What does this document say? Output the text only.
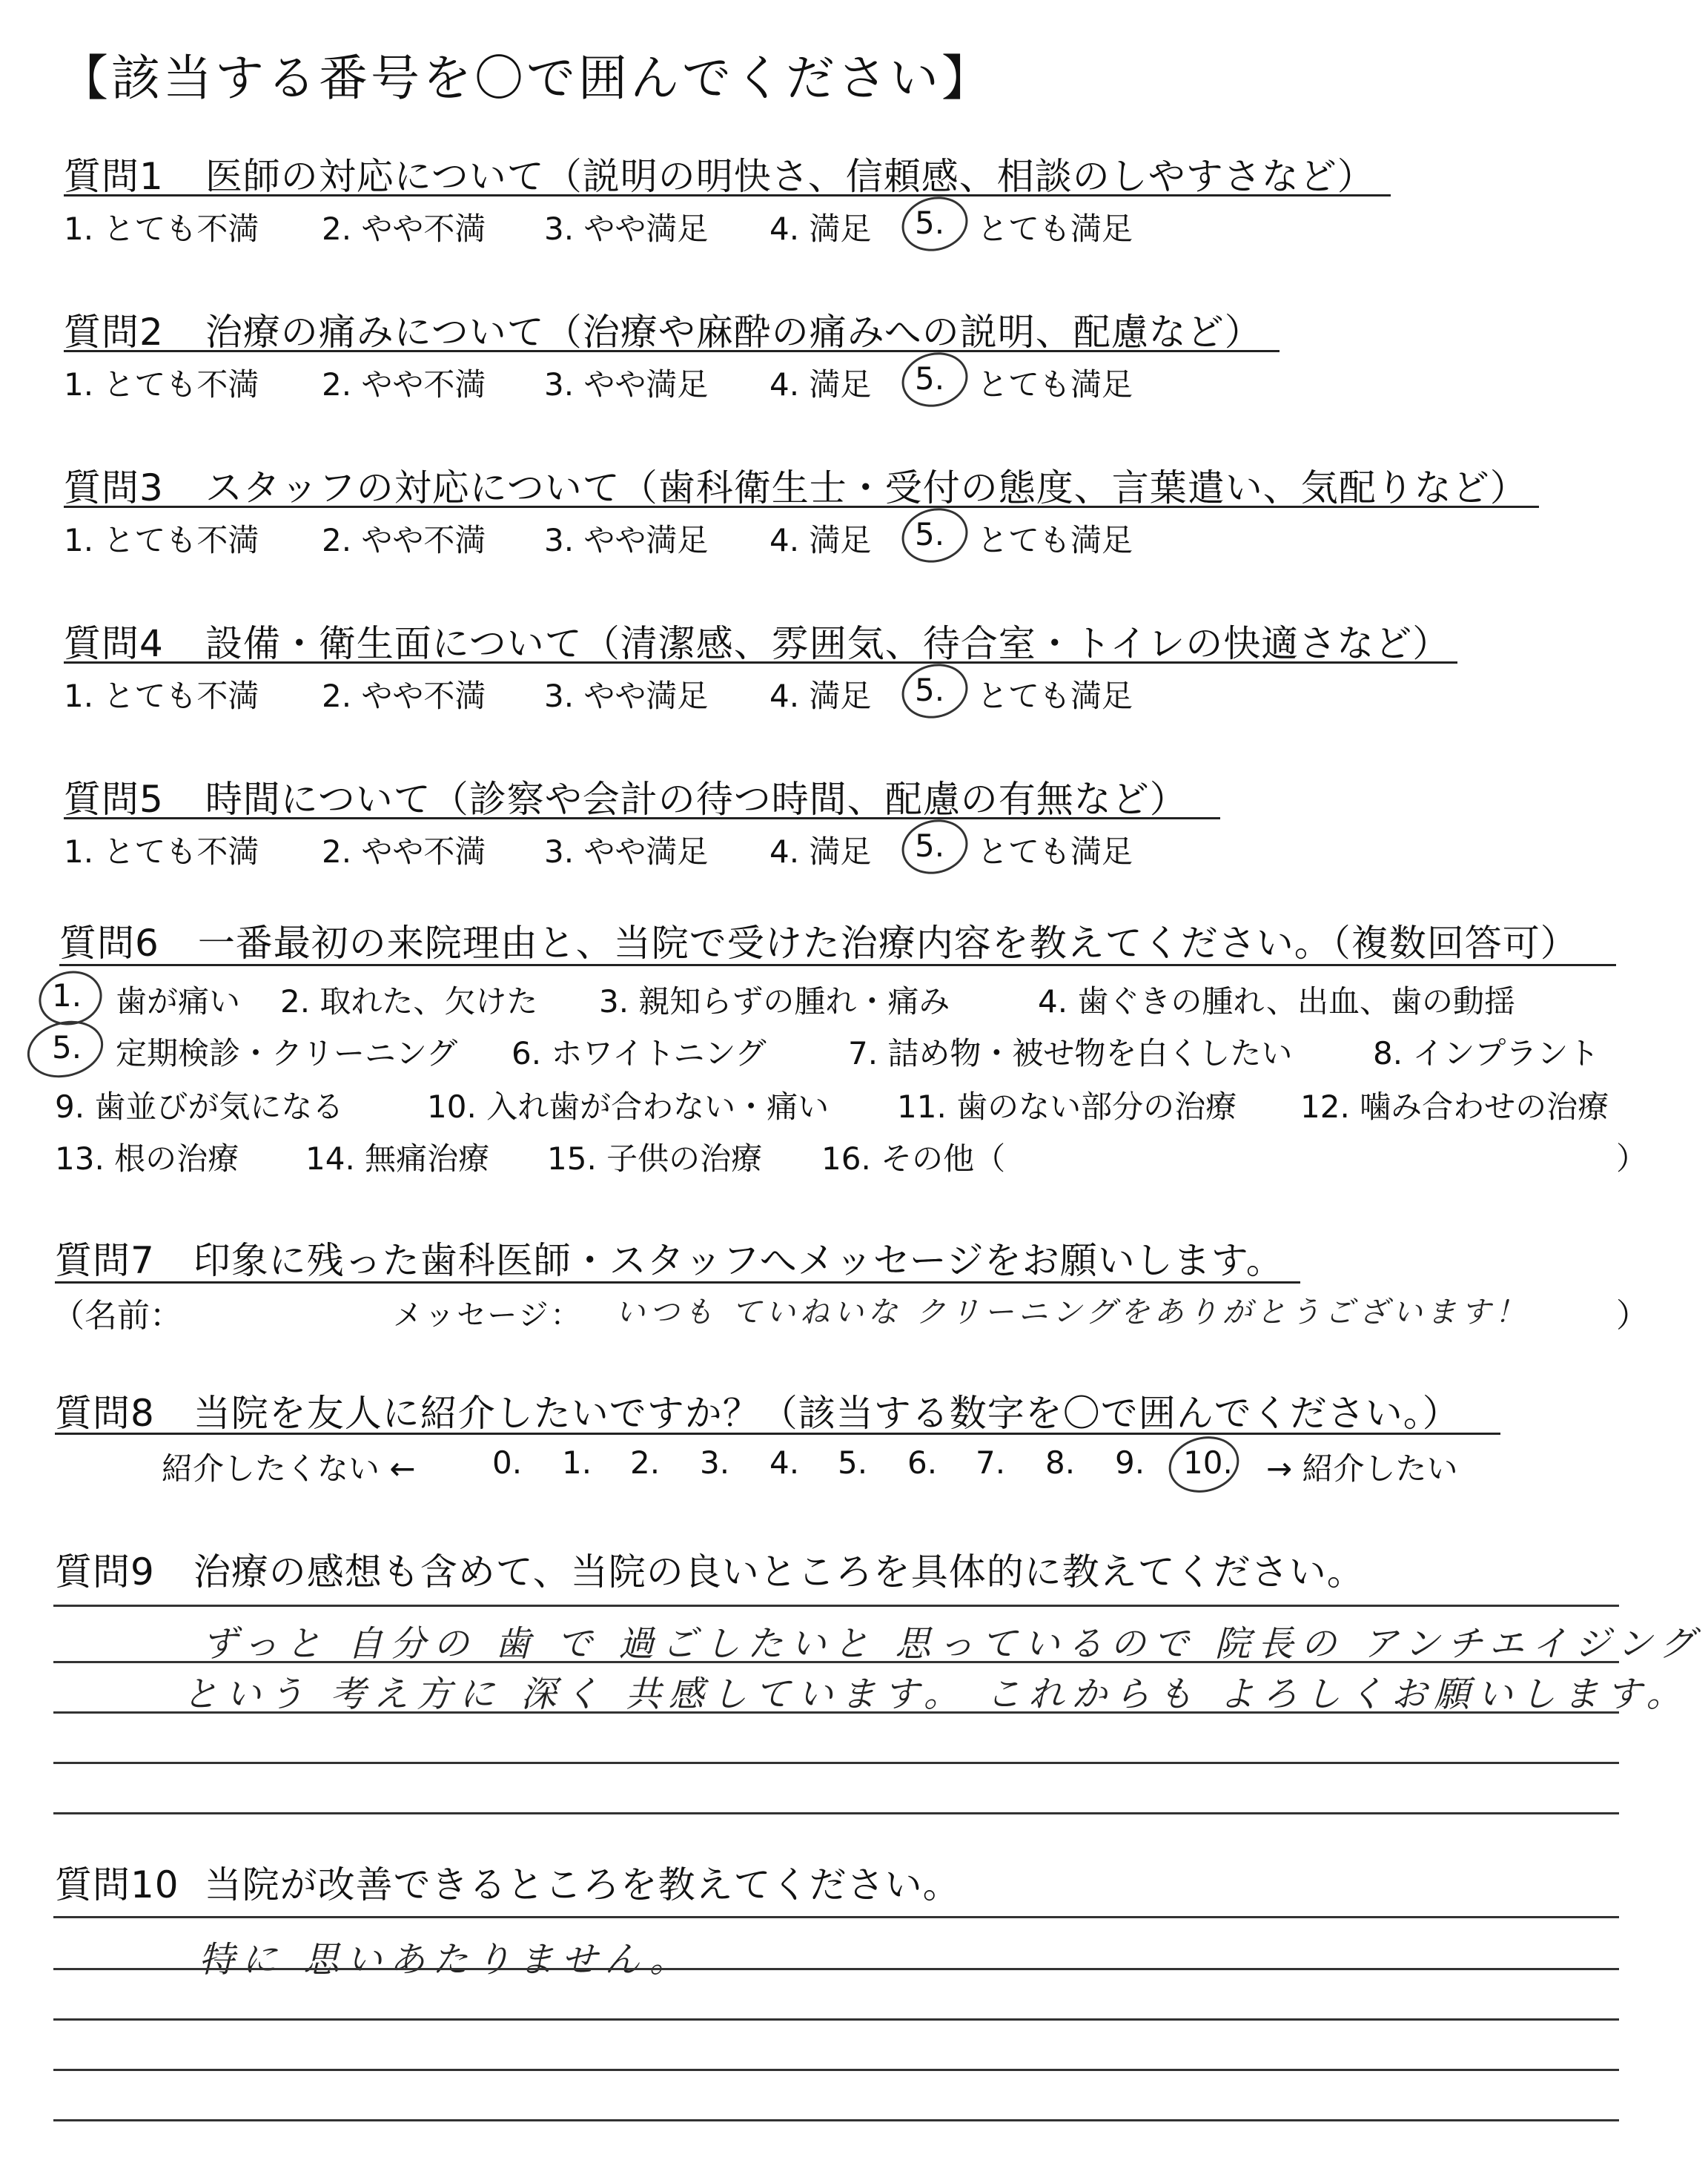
【該当する番号を〇で囲んでください】
質問1 医師の対応について（説明の明快さ、信頼感、相談のしやすさなど）
1. とても不満 2. やや不満 3. やや満足 4. 満足 5. とても満足
質問2 治療の痛みについて（治療や麻酔の痛みへの説明、配慮など）
1. とても不満 2. やや不満 3. やや満足 4. 満足 5. とても満足
質問3 スタッフの対応について（歯科衛生士・受付の態度、言葉遣い、気配りなど）
1. とても不満 2. やや不満 3. やや満足 4. 満足 5. とても満足
質問4 設備・衛生面について（清潔感、雰囲気、待合室・トイレの快適さなど）
1. とても不満 2. やや不満 3. やや満足 4. 満足 5. とても満足
質問5 時間について（診察や会計の待つ時間、配慮の有無など）
1. とても不満 2. やや不満 3. やや満足 4. 満足 5. とても満足
質問6 一番最初の来院理由と、当院で受けた治療内容を教えてください。（複数回答可）
1. 歯が痛い 2. 取れた、欠けた 3. 親知らずの腫れ・痛み	4. 歯ぐきの腫れ、出血、歯の動揺
5. 定期検診・クリーニング 6. ホワイトニング	7. 詰め物・被せ物を白くしたい	8. インプラント
9. 歯並びが気になる	10. 入れ歯が合わない・痛い 11. 歯のない部分の治療 12. 噛み合わせの治療
13. 根の治療 14. 無痛治療 15. 子供の治療 16. その他（	）
質問7 印象に残った歯科医師・スタッフへメッセージをお願いします。
（名前：	メッセージ： いつも ていねいな クリーニングをありがとうございます！	）
質問8 当院を友人に紹介したいですか？（該当する数字を〇で囲んでください。）
紹介したくない ← 0. 1. 2. 3. 4. 5. 6. 7. 8. 9. 10. → 紹介したい
質問9 治療の感想も含めて、当院の良いところを具体的に教えてください。
ずっと 自分の 歯 で 過ごしたいと 思っているので 院長の アンチエイジング
という 考え方に 深く 共感しています。 これからも よろしくお願いします。
質問10 当院が改善できるところを教えてください。
特に 思いあたりません。
